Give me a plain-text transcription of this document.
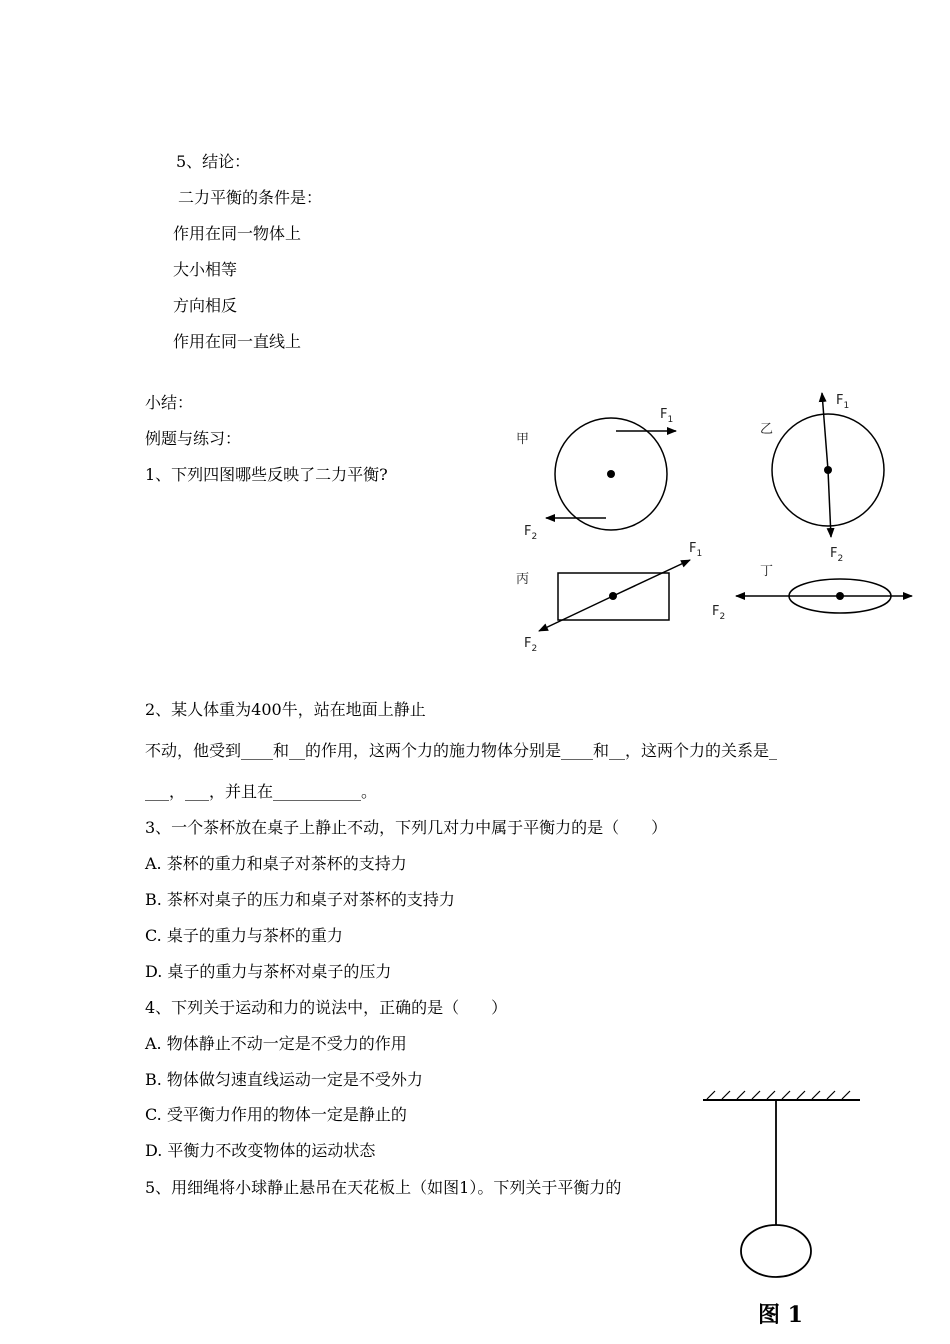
5、结论：
二力平衡的条件是：
作用在同一物体上
大小相等
方向相反
作用在同一直线上
小结：
例题与练习：
1、下列四图哪些反映了二力平衡?
甲
$F_1$
$F_2$
乙
$F_1$
$F_2$
丙
$F_1$
$F_2$
丁
$F_2$
2、某人体重为400牛，站在地面上静止
不动，他受到____和__的作用，这两个力的施力物体分别是____和__，这两个力的关系是_
___，___，并且在___________。
3、一个茶杯放在桌子上静止不动，下列几对力中属于平衡力的是（　　）
A. 茶杯的重力和桌子对茶杯的支持力
B. 茶杯对桌子的压力和桌子对茶杯的支持力
C. 桌子的重力与茶杯的重力
D. 桌子的重力与茶杯对桌子的压力
4、下列关于运动和力的说法中，正确的是（　　）
A. 物体静止不动一定是不受力的作用
B. 物体做匀速直线运动一定是不受外力
C. 受平衡力作用的物体一定是静止的
D. 平衡力不改变物体的运动状态
5、用细绳将小球静止悬吊在天花板上（如图1）。下列关于平衡力的
图 1
